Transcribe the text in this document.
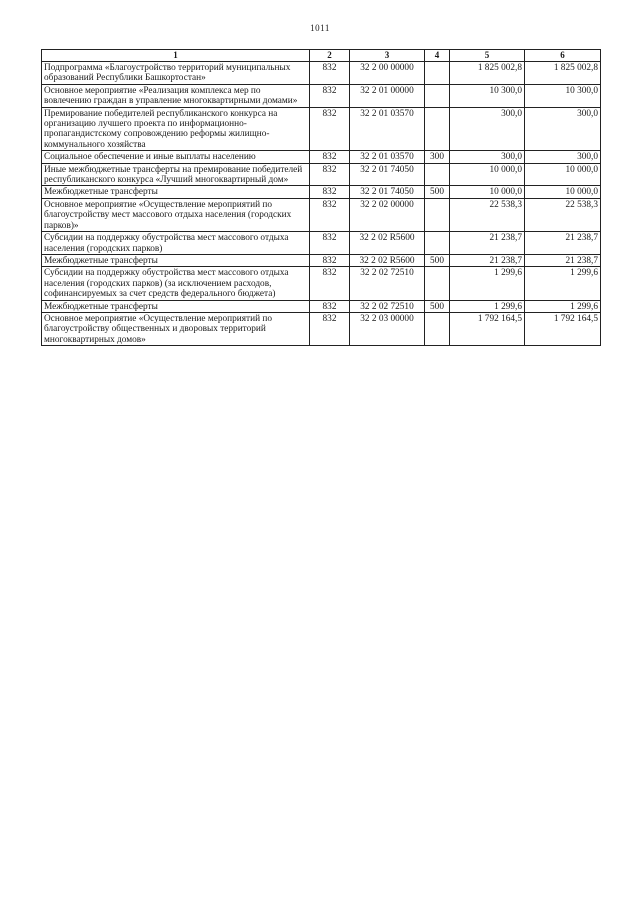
1011
1	2	3	4	5	6
Подпрограмма «Благоустройство территорий муниципальных образований Республики Башкортостан»	832	32 2 00 00000		1 825 002,8	1 825 002,8
Основное мероприятие «Реализация комплекса мер по вовлечению граждан в управление многоквартирными домами»	832	32 2 01 00000		10 300,0	10 300,0
Премирование победителей республиканского конкурса на организацию лучшего проекта по информационно-пропагандистскому сопровождению реформы жилищно-коммунального хозяйства	832	32 2 01 03570		300,0	300,0
Социальное обеспечение и иные выплаты населению	832	32 2 01 03570	300	300,0	300,0
Иные межбюджетные трансферты на премирование победителей республиканского конкурса «Лучший многоквартирный дом»	832	32 2 01 74050		10 000,0	10 000,0
Межбюджетные трансферты	832	32 2 01 74050	500	10 000,0	10 000,0
Основное мероприятие «Осуществление мероприятий по благоустройству мест массового отдыха населения (городских парков)»	832	32 2 02 00000		22 538,3	22 538,3
Субсидии на поддержку обустройства мест массового отдыха населения (городских парков)	832	32 2 02 R5600		21 238,7	21 238,7
Межбюджетные трансферты	832	32 2 02 R5600	500	21 238,7	21 238,7
Субсидии на поддержку обустройства мест массового отдыха населения (городских парков) (за исключением расходов, софинансируемых за счет средств федерального бюджета)	832	32 2 02 72510		1 299,6	1 299,6
Межбюджетные трансферты	832	32 2 02 72510	500	1 299,6	1 299,6
Основное мероприятие «Осуществление мероприятий по благоустройству общественных и дворовых территорий многоквартирных домов»	832	32 2 03 00000		1 792 164,5	1 792 164,5
